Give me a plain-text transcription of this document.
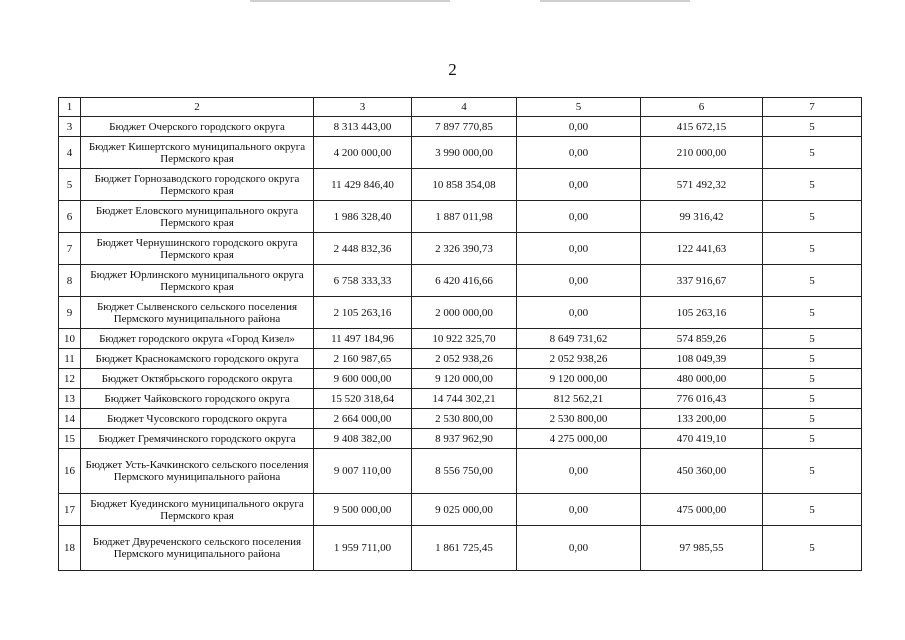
2
1	2	3	4	5	6	7
3	Бюджет Очерского городского округа	8 313 443,00	7 897 770,85	0,00	415 672,15	5
4	Бюджет Кишертского муниципального округа Пермского края	4 200 000,00	3 990 000,00	0,00	210 000,00	5
5	Бюджет Горнозаводского городского округа Пермского края	11 429 846,40	10 858 354,08	0,00	571 492,32	5
6	Бюджет Еловского муниципального округа Пермского края	1 986 328,40	1 887 011,98	0,00	99 316,42	5
7	Бюджет Чернушинского городского округа Пермского края	2 448 832,36	2 326 390,73	0,00	122 441,63	5
8	Бюджет Юрлинского муниципального округа Пермского края	6 758 333,33	6 420 416,66	0,00	337 916,67	5
9	Бюджет Сылвенского сельского поселения Пермского муниципального района	2 105 263,16	2 000 000,00	0,00	105 263,16	5
10	Бюджет городского округа «Город Кизел»	11 497 184,96	10 922 325,70	8 649 731,62	574 859,26	5
11	Бюджет Краснокамского городского округа	2 160 987,65	2 052 938,26	2 052 938,26	108 049,39	5
12	Бюджет Октябрьского городского округа	9 600 000,00	9 120 000,00	9 120 000,00	480 000,00	5
13	Бюджет Чайковского городского округа	15 520 318,64	14 744 302,21	812 562,21	776 016,43	5
14	Бюджет Чусовского городского округа	2 664 000,00	2 530 800,00	2 530 800,00	133 200,00	5
15	Бюджет Гремячинского городского округа	9 408 382,00	8 937 962,90	4 275 000,00	470 419,10	5
16	Бюджет Усть-Качкинского сельского поселения Пермского муниципального района	9 007 110,00	8 556 750,00	0,00	450 360,00	5
17	Бюджет Куединского муниципального округа Пермского края	9 500 000,00	9 025 000,00	0,00	475 000,00	5
18	Бюджет Двуреченского сельского поселения Пермского муниципального района	1 959 711,00	1 861 725,45	0,00	97 985,55	5
